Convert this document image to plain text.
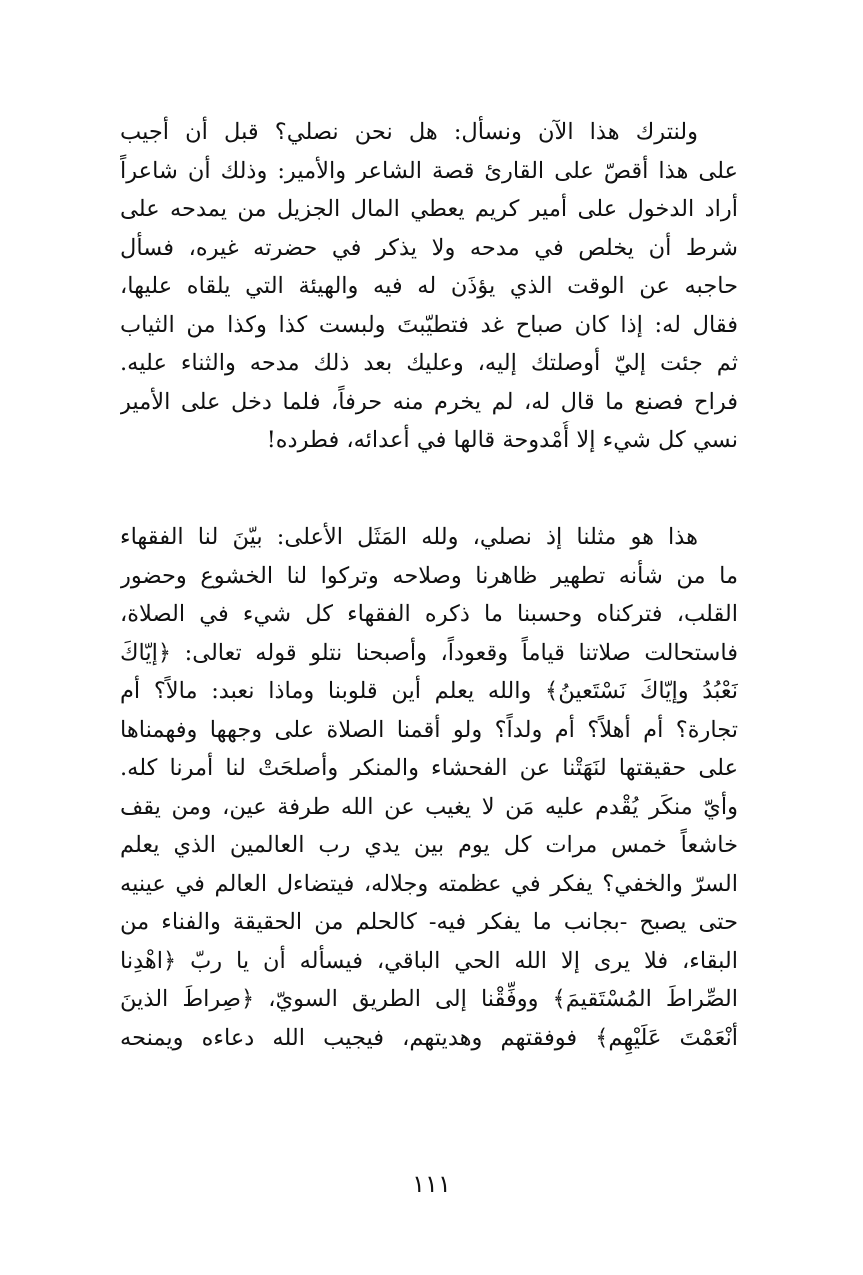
ولنترك هذا الآن ونسأل: هل نحن نصلي؟ قبل أن أجيب
على هذا أقصّ على القارئ قصة الشاعر والأمير: وذلك أن شاعراً
أراد الدخول على أمير كريم يعطي المال الجزيل من يمدحه على
شرط أن يخلص في مدحه ولا يذكر في حضرته غيره، فسأل
حاجبه عن الوقت الذي يؤذَن له فيه والهيئة التي يلقاه عليها،
فقال له: إذا كان صباح غد فتطيّبتَ ولبست كذا وكذا من الثياب
ثم جئت إليّ أوصلتك إليه، وعليك بعد ذلك مدحه والثناء عليه.
فراح فصنع ما قال له، لم يخرم منه حرفاً، فلما دخل على الأمير
نسي كل شيء إلا أُمْدوحة قالها في أعدائه، فطرده!
هذا هو مثلنا إذ نصلي، ولله المَثَل الأعلى: بيّنَ لنا الفقهاء
ما من شأنه تطهير ظاهرنا وصلاحه وتركوا لنا الخشوع وحضور
القلب، فتركناه وحسبنا ما ذكره الفقهاء كل شيء في الصلاة،
فاستحالت صلاتنا قياماً وقعوداً، وأصبحنا نتلو قوله تعالى: ﴿إيّاكَ
نَعْبُدُ وإيّاكَ نَسْتَعينُ﴾ والله يعلم أين قلوبنا وماذا نعبد: مالاً؟ أم
تجارة؟ أم أهلاً؟ أم ولداً؟ ولو أقمنا الصلاة على وجهها وفهمناها
على حقيقتها لنَهَتْنا عن الفحشاء والمنكر وأصلحَتْ لنا أمرنا كله.
وأيّ منكَر يُقْدم عليه مَن لا يغيب عن الله طرفة عين، ومن يقف
خاشعاً خمس مرات كل يوم بين يدي رب العالمين الذي يعلم
السرّ والخفي؟ يفكر في عظمته وجلاله، فيتضاءل العالم في عينيه
حتى يصبح -بجانب ما يفكر فيه- كالحلم من الحقيقة والفناء من
البقاء، فلا يرى إلا الله الحي الباقي، فيسأله أن يا ربّ ﴿اهْدِنا
الصِّراطَ المُسْتَقيمَ﴾ ووفِّقْنا إلى الطريق السويّ، ﴿صِراطَ الذينَ
أنْعَمْتَ عَلَيْهِم﴾ فوفقتهم وهديتهم، فيجيب الله دعاءه ويمنحه
١١١
